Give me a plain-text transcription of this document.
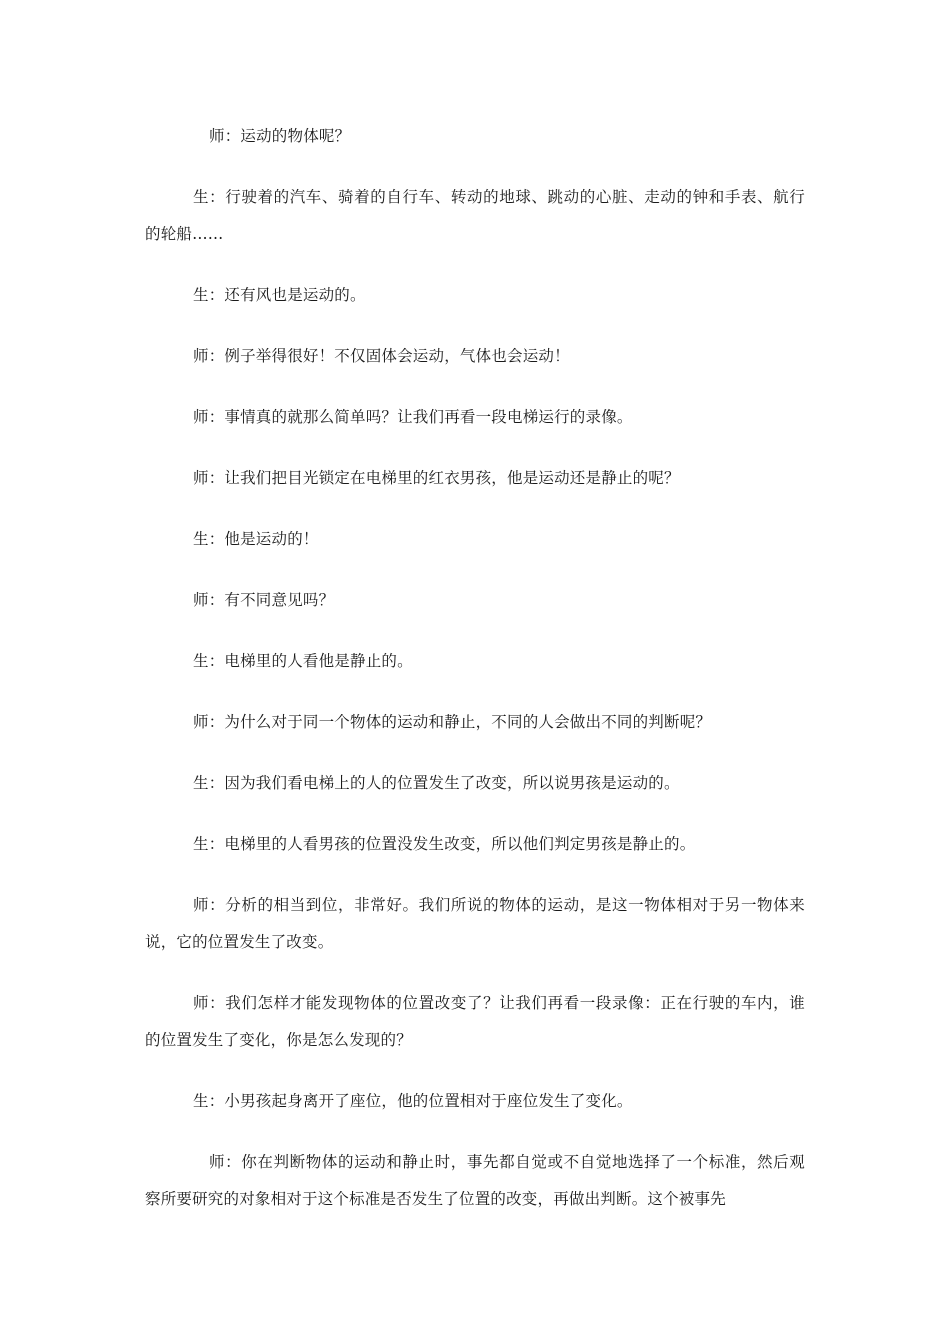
师：运动的物体呢？

生：行驶着的汽车、骑着的自行车、转动的地球、跳动的心脏、走动的钟和手表、航行的轮船……

生：还有风也是运动的。

师：例子举得很好！不仅固体会运动，气体也会运动！

师：事情真的就那么简单吗？让我们再看一段电梯运行的录像。

师：让我们把目光锁定在电梯里的红衣男孩，他是运动还是静止的呢？

生：他是运动的！

师：有不同意见吗？

生：电梯里的人看他是静止的。

师：为什么对于同一个物体的运动和静止，不同的人会做出不同的判断呢？

生：因为我们看电梯上的人的位置发生了改变，所以说男孩是运动的。

生：电梯里的人看男孩的位置没发生改变，所以他们判定男孩是静止的。

师：分析的相当到位，非常好。我们所说的物体的运动，是这一物体相对于另一物体来说，它的位置发生了改变。

师：我们怎样才能发现物体的位置改变了？让我们再看一段录像：正在行驶的车内，谁的位置发生了变化，你是怎么发现的？

生：小男孩起身离开了座位，他的位置相对于座位发生了变化。

师：你在判断物体的运动和静止时，事先都自觉或不自觉地选择了一个标准，然后观察所要研究的对象相对于这个标准是否发生了位置的改变，再做出判断。这个被事先
